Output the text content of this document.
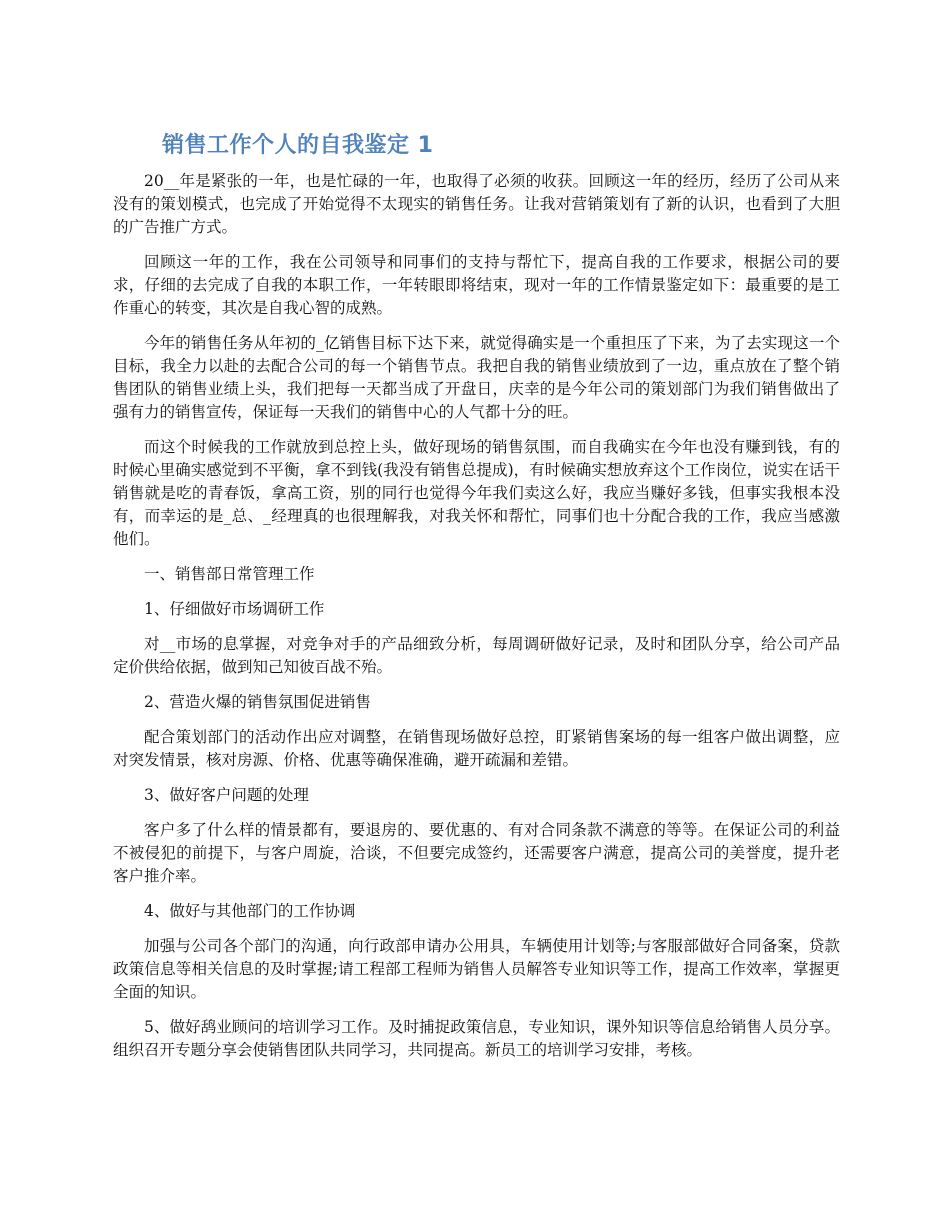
销售工作个人的自我鉴定 1

20__年是紧张的一年，也是忙碌的一年，也取得了必须的收获。回顾这一年的经历，经历了公司从来没有的策划模式，也完成了开始觉得不太现实的销售任务。让我对营销策划有了新的认识，也看到了大胆的广告推广方式。

回顾这一年的工作，我在公司领导和同事们的支持与帮忙下，提高自我的工作要求，根据公司的要求，仔细的去完成了自我的本职工作，一年转眼即将结束，现对一年的工作情景鉴定如下：最重要的是工作重心的转变，其次是自我心智的成熟。

今年的销售任务从年初的_亿销售目标下达下来，就觉得确实是一个重担压了下来，为了去实现这一个目标，我全力以赴的去配合公司的每一个销售节点。我把自我的销售业绩放到了一边，重点放在了整个销售团队的销售业绩上头，我们把每一天都当成了开盘日，庆幸的是今年公司的策划部门为我们销售做出了强有力的销售宣传，保证每一天我们的销售中心的人气都十分的旺。

而这个时候我的工作就放到总控上头，做好现场的销售氛围，而自我确实在今年也没有赚到钱，有的时候心里确实感觉到不平衡，拿不到钱(我没有销售总提成)，有时候确实想放弃这个工作岗位，说实在话干销售就是吃的青春饭，拿高工资，别的同行也觉得今年我们卖这么好，我应当赚好多钱，但事实我根本没有，而幸运的是_总、_经理真的也很理解我，对我关怀和帮忙，同事们也十分配合我的工作，我应当感激他们。

一、销售部日常管理工作

1、仔细做好市场调研工作

对__市场的息掌握，对竞争对手的产品细致分析，每周调研做好记录，及时和团队分享，给公司产品定价供给依据，做到知己知彼百战不殆。

2、营造火爆的销售氛围促进销售

配合策划部门的活动作出应对调整，在销售现场做好总控，盯紧销售案场的每一组客户做出调整，应对突发情景，核对房源、价格、优惠等确保准确，避开疏漏和差错。

3、做好客户问题的处理

客户多了什么样的情景都有，要退房的、要优惠的、有对合同条款不满意的等等。在保证公司的利益不被侵犯的前提下，与客户周旋，洽谈，不但要完成签约，还需要客户满意，提高公司的美誉度，提升老客户推介率。

4、做好与其他部门的工作协调

加强与公司各个部门的沟通，向行政部申请办公用具，车辆使用计划等;与客服部做好合同备案，贷款政策信息等相关信息的及时掌握;请工程部工程师为销售人员解答专业知识等工作，提高工作效率，掌握更全面的知识。

5、做好鸹业顾问的培训学习工作。及时捕捉政策信息，专业知识，课外知识等信息给销售人员分享。组织召开专题分享会使销售团队共同学习，共同提高。新员工的培训学习安排，考核。
